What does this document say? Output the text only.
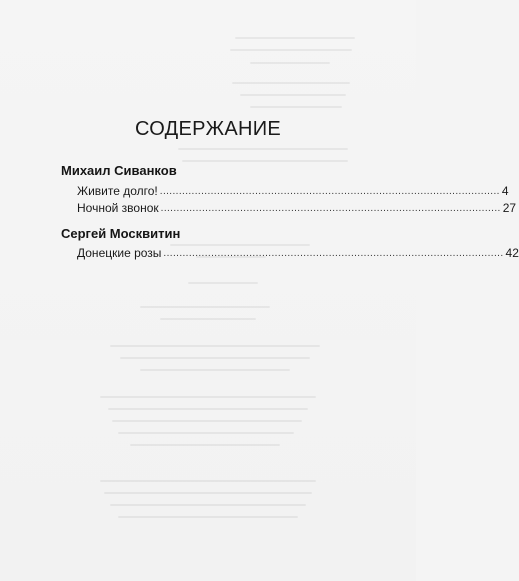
СОДЕРЖАНИЕ
Михаил Сиванков
Живите долго! ........................................................................................................... 4
Ночной звонок ........................................................................................................... 27
Сергей Москвитин
Донецкие розы ........................................................................................................... 42
